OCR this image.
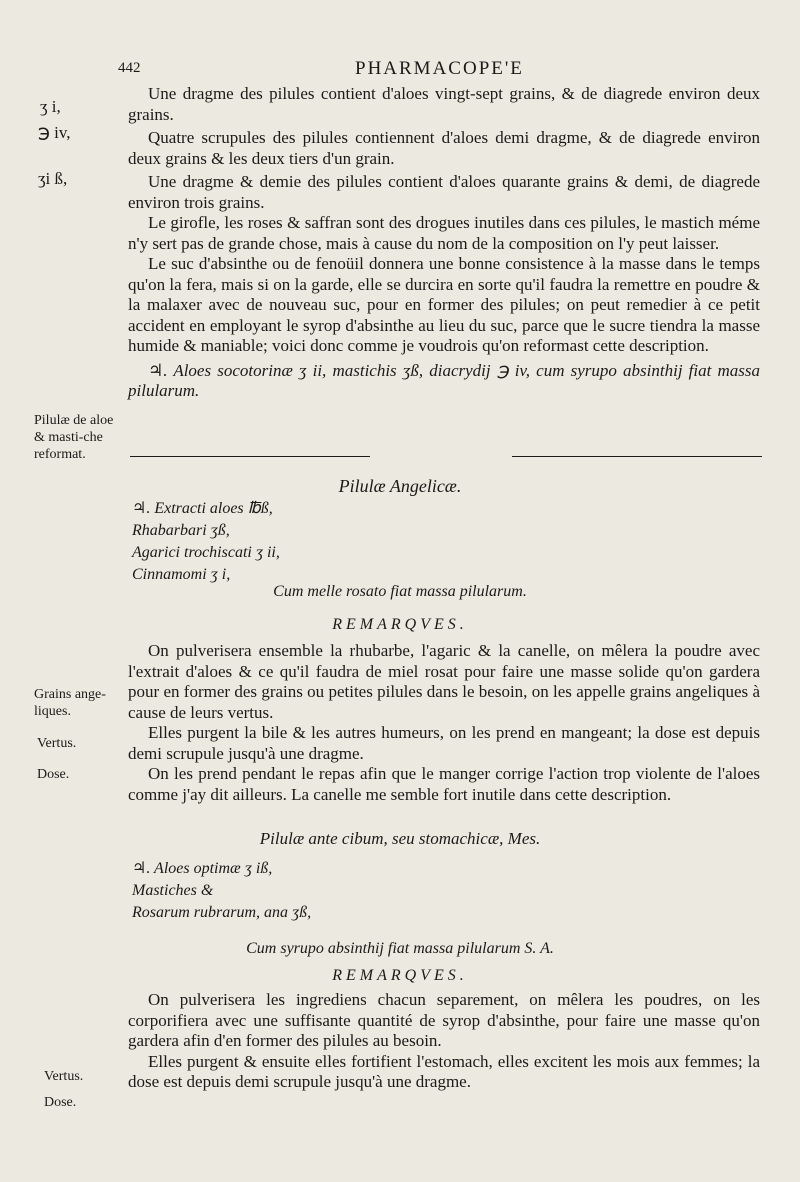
442	PHARMACOPE'E
ʒ i,
℈ iv,
ʒi ß,
Pilulæ de aloe & masti-che reformat.
Grains ange-liques.
Vertus.
Dose.
Vertus.
Dose.

Une dragme des pilules contient d'aloes vingt-sept grains, & de diagrede environ deux grains.

Quatre scrupules des pilules contiennent d'aloes demi dragme, & de diagrede environ deux grains & les deux tiers d'un grain.

Une dragme & demie des pilules contient d'aloes quarante grains & demi, de diagrede environ trois grains.

Le girofle, les roses & saffran sont des drogues inutiles dans ces pilules, le mastich méme n'y sert pas de grande chose, mais à cause du nom de la composition on l'y peut laisser.

Le suc d'absinthe ou de fenoüil donnera une bonne consistence à la masse dans le temps qu'on la fera, mais si on la garde, elle se durcira en sorte qu'il faudra la remettre en poudre & la malaxer avec de nouveau suc, pour en former des pilules; on peut remedier à ce petit accident en employant le syrop d'absinthe au lieu du suc, parce que le sucre tiendra la masse humide & maniable; voici donc comme je voudrois qu'on reformast cette description.

♃. Aloes socotorinæ ʒ ii, mastichis ʒß, diacrydij ℈ iv, cum syrupo absinthij fiat massa pilularum.

Pilulæ Angelicæ.
♃. Extracti aloes ℔ß,
Rhabarbari ʒß,
Agarici trochiscati ʒ ii,
Cinnamomi ʒ i,
Cum melle rosato fiat massa pilularum.
REMARQVES.

On pulverisera ensemble la rhubarbe, l'agaric & la canelle, on mêlera la poudre avec l'extrait d'aloes & ce qu'il faudra de miel rosat pour faire une masse solide qu'on gardera pour en former des grains ou petites pilules dans le besoin, on les appelle grains angeliques à cause de leurs vertus.

Elles purgent la bile & les autres humeurs, on les prend en mangeant; la dose est depuis demi scrupule jusqu'à une dragme.

On les prend pendant le repas afin que le manger corrige l'action trop violente de l'aloes comme j'ay dit ailleurs. La canelle me semble fort inutile dans cette description.

Pilulæ ante cibum, seu stomachicæ, Mes.
♃. Aloes optimæ ʒ iß,
Mastiches &
Rosarum rubrarum, ana ʒß,
Cum syrupo absinthij fiat massa pilularum S. A.
REMARQVES.

On pulverisera les ingrediens chacun separement, on mêlera les poudres, on les corporifiera avec une suffisante quantité de syrop d'absinthe, pour faire une masse qu'on gardera afin d'en former des pilules au besoin.

Elles purgent & ensuite elles fortifient l'estomach, elles excitent les mois aux femmes; la dose est depuis demi scrupule jusqu'à une dragme.
